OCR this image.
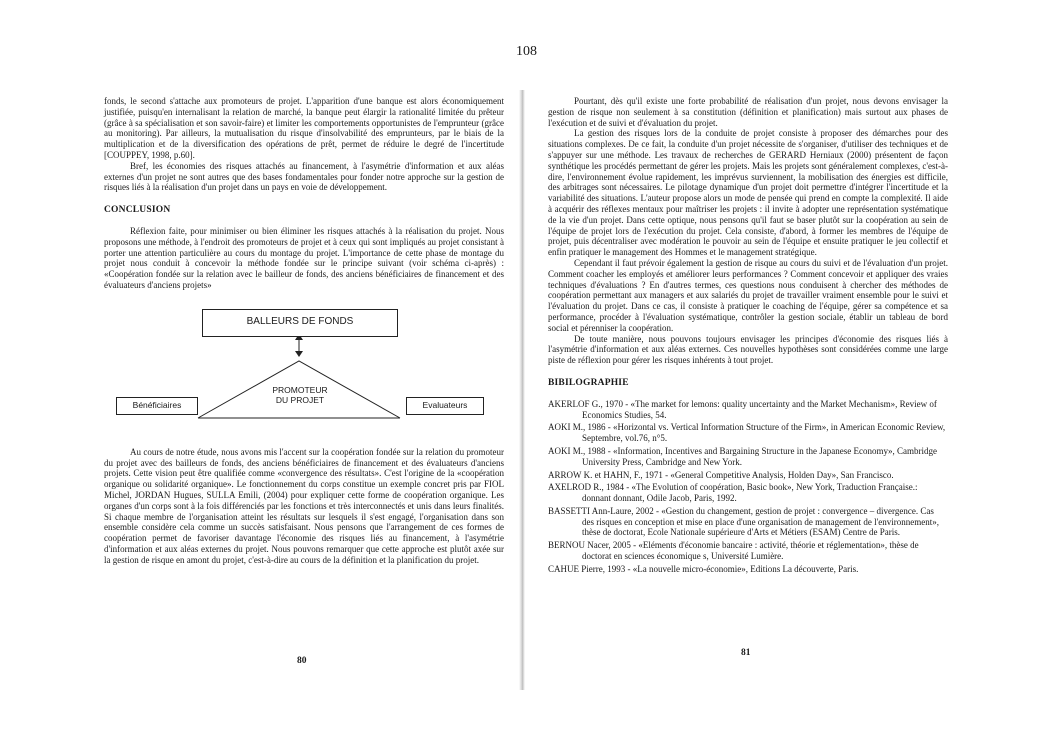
108

fonds, le second s'attache aux promoteurs de projet. L'apparition d'une banque est alors économiquement justifiée, puisqu'en internalisant la relation de marché, la banque peut élargir la rationalité limitée du prêteur (grâce à sa spécialisation et son savoir-faire) et limiter les comportements opportunistes de l'emprunteur (grâce au monitoring). Par ailleurs, la mutualisation du risque d'insolvabilité des emprunteurs, par le biais de la multiplication et de la diversification des opérations de prêt, permet de réduire le degré de l'incertitude [COUPPEY, 1998, p.60].

Bref, les économies des risques attachés au financement, à l'asymétrie d'information et aux aléas externes d'un projet ne sont autres que des bases fondamentales pour fonder notre approche sur la gestion de risques liés à la réalisation d'un projet dans un pays en voie de développement.

CONCLUSION

Réflexion faite, pour minimiser ou bien éliminer les risques attachés à la réalisation du projet. Nous proposons une méthode, à l'endroit des promoteurs de projet et à ceux qui sont impliqués au projet consistant à porter une attention particulière au cours du montage du projet. L'importance de cette phase de montage du projet nous conduit à concevoir la méthode fondée sur le principe suivant (voir schéma ci-après) : «Coopération fondée sur la relation avec le bailleur de fonds, des anciens bénéficiaires de financement et des évaluateurs d'anciens projets»

BALLEURS DE FONDS
PROMOTEUR
DU PROJET
Bénéficiaires	Evaluateurs

Au cours de notre étude, nous avons mis l'accent sur la coopération fondée sur la relation du promoteur du projet avec des bailleurs de fonds, des anciens bénéficiaires de financement et des évaluateurs d'anciens projets. Cette vision peut être qualifiée comme «convergence des résultats». C'est l'origine de la «coopération organique ou solidarité organique». Le fonctionnement du corps constitue un exemple concret pris par FIOL Michel, JORDAN Hugues, SULLA Emili, (2004) pour expliquer cette forme de coopération organique. Les organes d'un corps sont à la fois différenciés par les fonctions et très interconnectés et unis dans leurs finalités. Si chaque membre de l'organisation atteint les résultats sur lesquels il s'est engagé, l'organisation dans son ensemble considère cela comme un succès satisfaisant. Nous pensons que l'arrangement de ces formes de coopération permet de favoriser davantage l'économie des risques liés au financement, à l'asymétrie d'information et aux aléas externes du projet. Nous pouvons remarquer que cette approche est plutôt axée sur la gestion de risque en amont du projet, c'est-à-dire au cours de la définition et la planification du projet.

80

Pourtant, dès qu'il existe une forte probabilité de réalisation d'un projet, nous devons envisager la gestion de risque non seulement à sa constitution (définition et planification) mais surtout aux phases de l'exécution et de suivi et d'évaluation du projet.

La gestion des risques lors de la conduite de projet consiste à proposer des démarches pour des situations complexes. De ce fait, la conduite d'un projet nécessite de s'organiser, d'utiliser des techniques et de s'appuyer sur une méthode. Les travaux de recherches de GERARD Herniaux (2000) présentent de façon synthétique les procédés permettant de gérer les projets. Mais les projets sont généralement complexes, c'est-à-dire, l'environnement évolue rapidement, les imprévus surviennent, la mobilisation des énergies est difficile, des arbitrages sont nécessaires. Le pilotage dynamique d'un projet doit permettre d'intégrer l'incertitude et la variabilité des situations. L'auteur propose alors un mode de pensée qui prend en compte la complexité. Il aide à acquérir des réflexes mentaux pour maîtriser les projets : il invite à adopter une représentation systématique de la vie d'un projet. Dans cette optique, nous pensons qu'il faut se baser plutôt sur la coopération au sein de l'équipe de projet lors de l'exécution du projet. Cela consiste, d'abord, à former les membres de l'équipe de projet, puis décentraliser avec modération le pouvoir au sein de l'équipe et ensuite pratiquer le jeu collectif et enfin pratiquer le management des Hommes et le management stratégique.

Cependant il faut prévoir également la gestion de risque au cours du suivi et de l'évaluation d'un projet. Comment coacher les employés et améliorer leurs performances ? Comment concevoir et appliquer des vraies techniques d'évaluations ? En d'autres termes, ces questions nous conduisent à chercher des méthodes de coopération permettant aux managers et aux salariés du projet de travailler vraiment ensemble pour le suivi et l'évaluation du projet. Dans ce cas, il consiste à pratiquer le coaching de l'équipe, gérer sa compétence et sa performance, procéder à l'évaluation systématique, contrôler la gestion sociale, établir un tableau de bord social et pérenniser la coopération.

De toute manière, nous pouvons toujours envisager les principes d'économie des risques liés à l'asymétrie d'information et aux aléas externes. Ces nouvelles hypothèses sont considérées comme une large piste de réflexion pour gérer les risques inhérents à tout projet.

BIBILOGRAPHIE

AKERLOF G., 1970 - «The market for lemons: quality uncertainty and the Market Mechanism», Review of Economics Studies, 54.

AOKI M., 1986 - «Horizontal vs. Vertical Information Structure of the Firm», in American Economic Review, Septembre, vol.76, n°5.

AOKI M., 1988 - «Information, Incentives and Bargaining Structure in the Japanese Economy», Cambridge University Press, Cambridge and New York.

ARROW K. et HAHN, F., 1971 - «General Competitive Analysis, Holden Day», San Francisco.

AXELROD R., 1984 - «The Evolution of coopération, Basic book», New York, Traduction Française.: donnant donnant, Odile Jacob, Paris, 1992.

BASSETTI Ann-Laure, 2002 - «Gestion du changement, gestion de projet : convergence – divergence. Cas des risques en conception et mise en place d'une organisation de management de l'environnement», thèse de doctorat, Ecole Nationale supérieure d'Arts et Métiers (ESAM) Centre de Paris.

BERNOU Nacer, 2005 - «Eléments d'économie bancaire : activité, théorie et réglementation», thèse de doctorat en sciences économique s, Université Lumière.

CAHUE Pierre, 1993 - «La nouvelle micro-économie», Editions La découverte, Paris.

81
